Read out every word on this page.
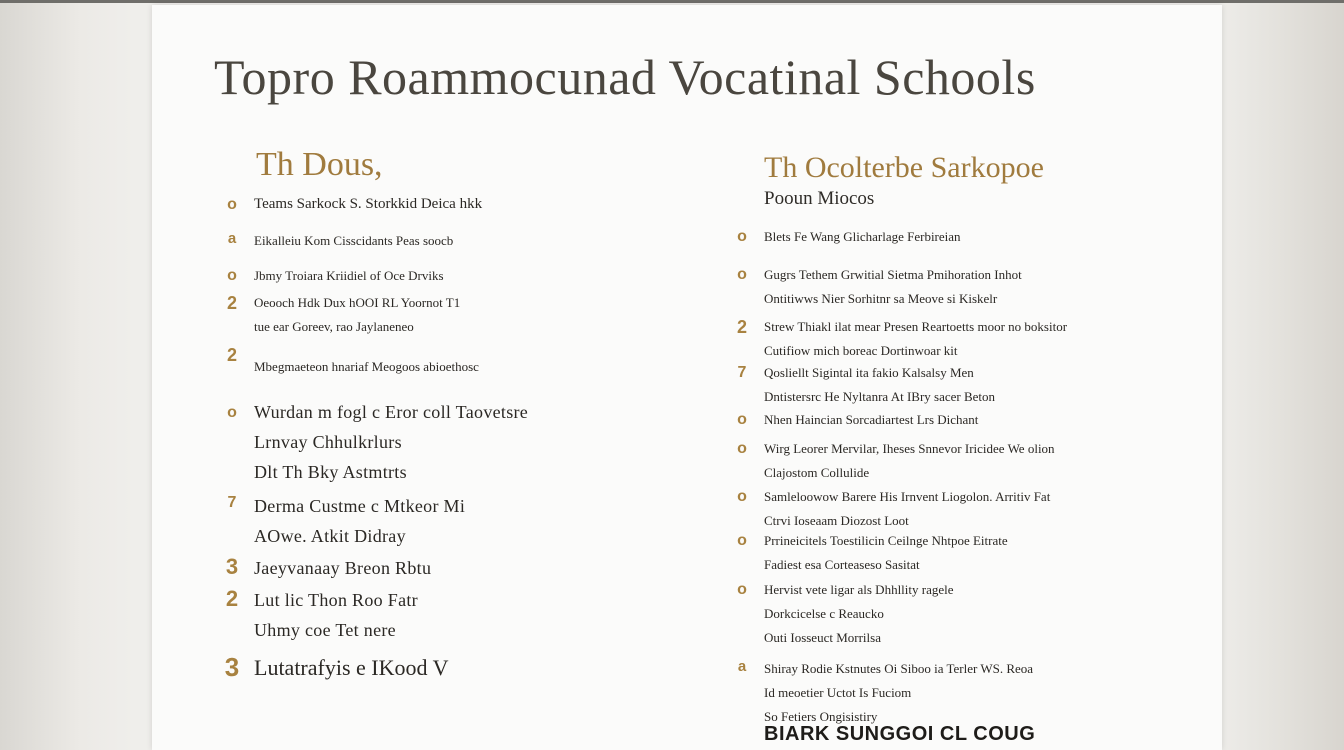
Topro Roammocunad Vocatinal Schools
Th Dous,
o Teams Sarkock S. Storkkid Deica hkk
a Eikalleiu Kom Cisscidants Peas soocb
o Jbmy Troiara Kriidiel of Oce Drviks
2 Oeooch Hdk Dux hOOI RL Yoornot T1
tue ear Goreev, rao Jaylaneneo
2
Mbegmaeteon hnariaf Meogoos abioethosc
o Wurdan m fogl c Eror coll Taovetsre
Lrnvay Chhulkrlurs
Dlt Th Bky Astmtrts
7 Derma Custme c Mtkeor Mi
AOwe. Atkit Didray
3 Jaeyvanaay Breon Rbtu
2 Lut lic Thon Roo Fatr
Uhmy coe Tet nere
3 Lutatrafyis e IKood V
Th Ocolterbe Sarkopoe
Pooun Miocos
o Blets Fe Wang Glicharlage Ferbireian
o Gugrs Tethem Grwitial Sietma Pmihoration Inhot
Ontitiwws Nier Sorhitnr sa Meove si Kiskelr
2 Strew Thiakl ilat mear Presen Reartoetts moor no boksitor
Cutifiow mich boreac Dortinwoar kit
7 Qosliellt Sigintal ita fakio Kalsalsy Men
Dntistersrc He Nyltanra At IBry sacer Beton
o Nhen Haincian Sorcadiartest Lrs Dichant
o Wirg Leorer Mervilar, Iheses Snnevor Iricidee We olion
Clajostom Collulide
o Samleloowow Barere His Irnvent Liogolon. Arritiv Fat
Ctrvi Ioseaam Diozost Loot
o Prrineicitels Toestilicin Ceilnge Nhtpoe Eitrate
Fadiest esa Corteaseso Sasitat
o Hervist vete ligar als Dhhllity ragele
Dorkcicelse c Reaucko
Outi Iosseuct Morrilsa
a Shiray Rodie Kstnutes Oi Siboo ia Terler WS. Reoa
Id meoetier Uctot Is Fuciom
So Fetiers Ongisistiry
BIARK SUNGGOI CL COUG
